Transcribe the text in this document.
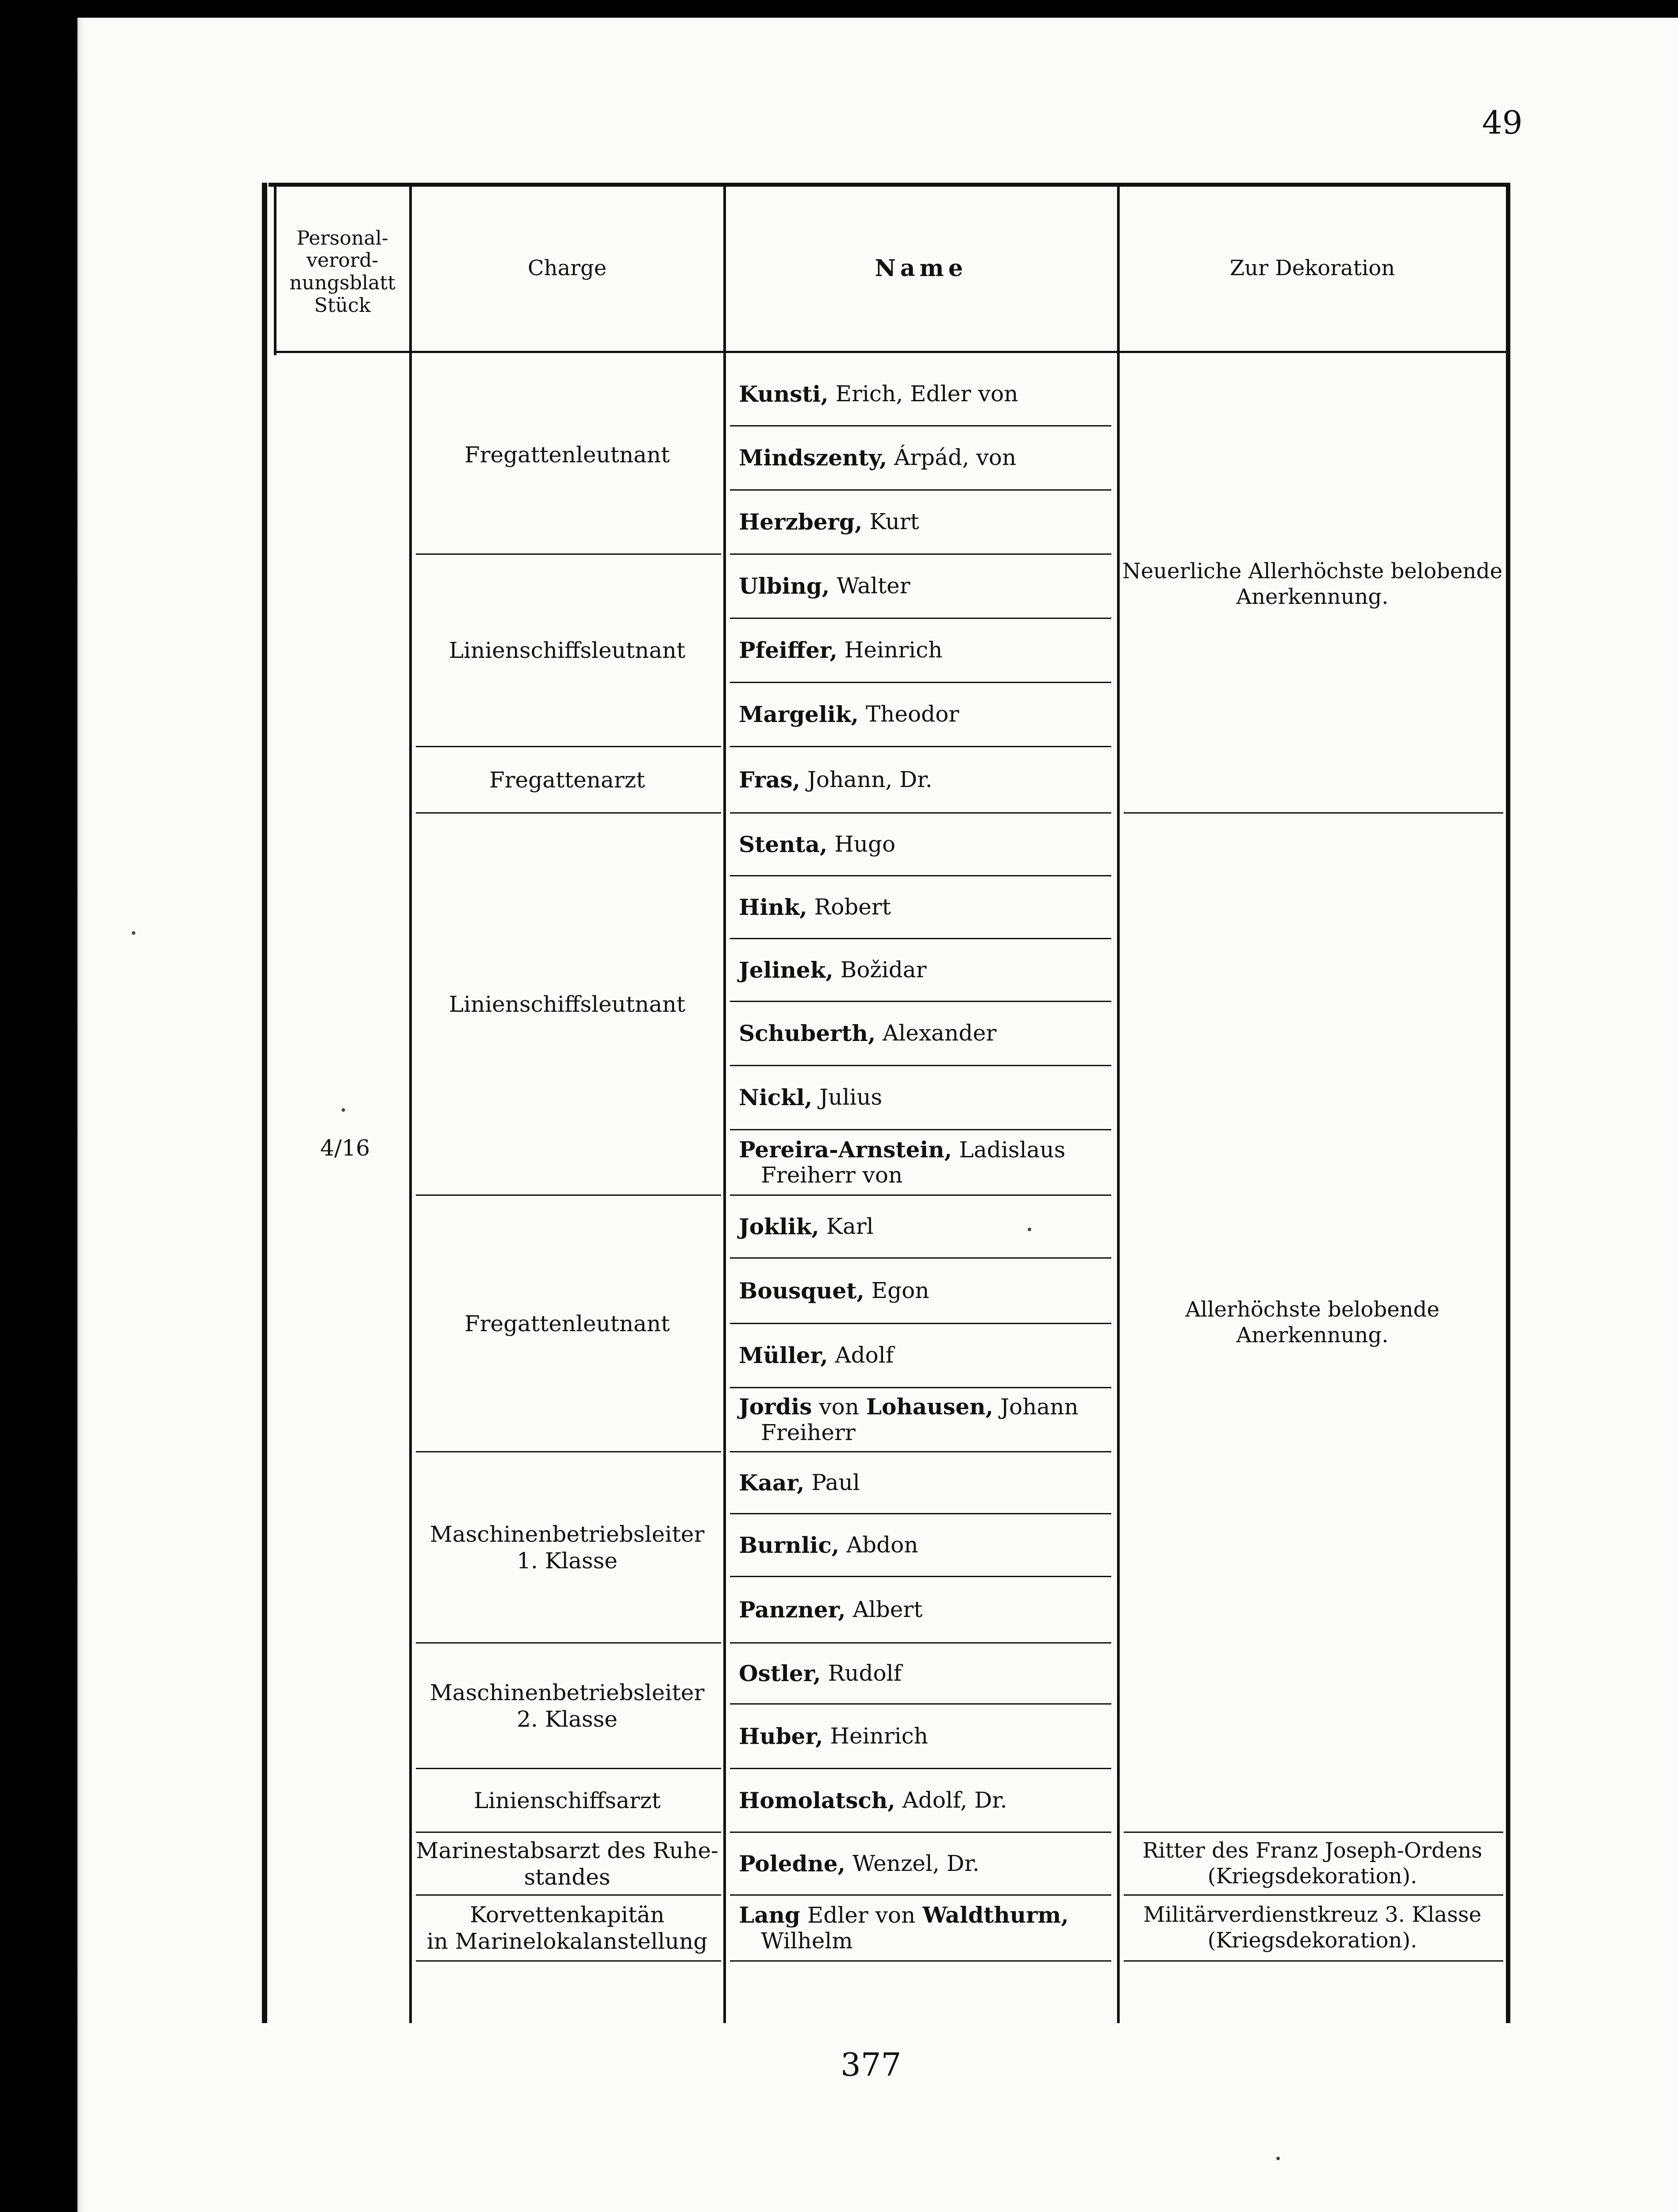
49
Personal-
verord-
nungsblatt
Stück
Charge	Name	Zur Dekoration
4/16
Fregattenleutnant
Linienschiffsleutnant
Fregattenarzt
Linienschiffsleutnant
Fregattenleutnant
Maschinenbetriebsleiter
1. Klasse
Maschinenbetriebsleiter
2. Klasse
Linienschiffsarzt
Marinestabsarzt des Ruhe-
standes
Korvettenkapitän
in Marinelokalanstellung
Kunsti,
Erich, Edler von
Mindszenty,
Árpád, von
Herzberg,
Kurt
Ulbing,
Walter
Pfeiffer,
Heinrich
Margelik,
Theodor
Fras,
Johann, Dr.
Stenta,
Hugo
Hink,
Robert
Jelinek,
Božidar
Schuberth,
Alexander
Nickl,
Julius
Pereira-Arnstein, Ladislaus
Freiherr von
Joklik,
Karl
Bousquet,
Egon
Müller,
Adolf
Jordis von Lohausen, Johann
Freiherr
Kaar,
Paul
Burnlic,
Abdon
Panzner,
Albert
Ostler,
Rudolf
Huber,
Heinrich
Homolatsch,
Adolf, Dr.
Poledne,
Wenzel, Dr.
Lang Edler von Waldthurm,
Wilhelm
Neuerliche Allerhöchste belobende
Anerkennung.
Allerhöchste belobende Anerkennung.
Ritter des Franz Joseph-Ordens
(Kriegsdekoration).
Militärverdienstkreuz 3. Klasse
(Kriegsdekoration).
377
